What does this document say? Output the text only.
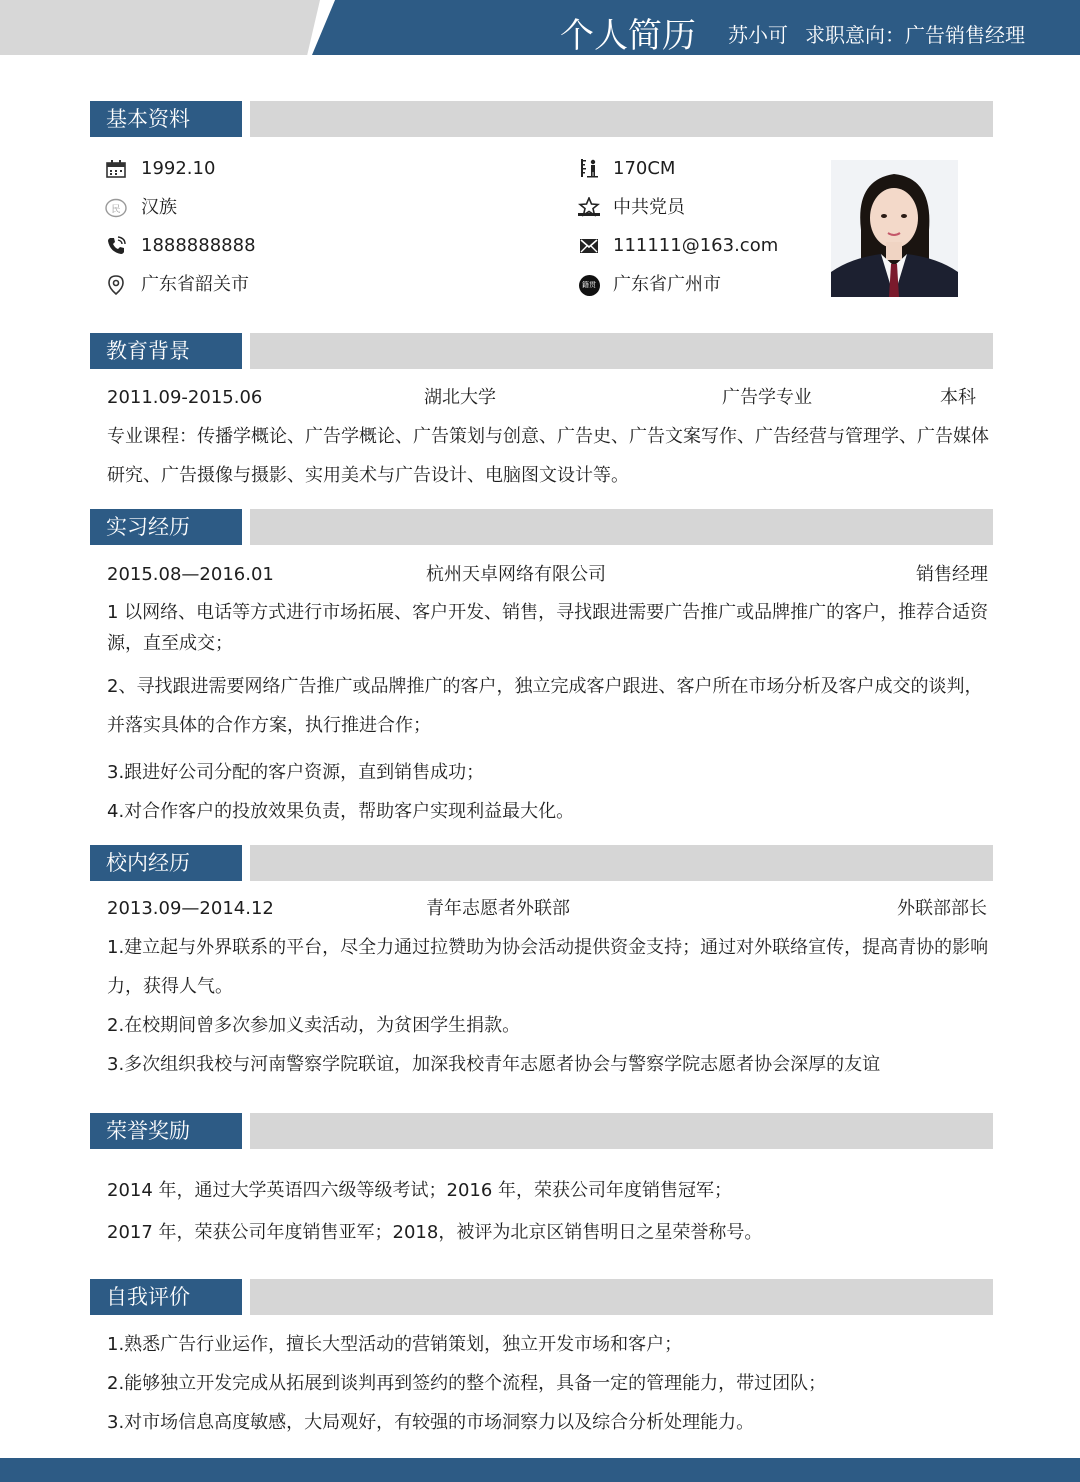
个人简历 苏小可 求职意向：广告销售经理
基本资料
1992.10
民 汉族
1888888888
广东省韶关市
170CM
中共党员
111111@163.com
籍贯 广东省广州市
教育背景
2011.09-2015.06	湖北大学	广告学专业	本科

专业课程：传播学概论、广告学概论、广告策划与创意、广告史、广告文案写作、广告经营与管理学、广告媒体研究、广告摄像与摄影、实用美术与广告设计、电脑图文设计等。

实习经历
2015.08—2016.01	杭州天卓网络有限公司	销售经理

1 以网络、电话等方式进行市场拓展、客户开发、销售，寻找跟进需要广告推广或品牌推广的客户，推荐合适资源，直至成交；

2、寻找跟进需要网络广告推广或品牌推广的客户，独立完成客户跟进、客户所在市场分析及客户成交的谈判，并落实具体的合作方案，执行推进合作；

3.跟进好公司分配的客户资源，直到销售成功；

4.对合作客户的投放效果负责，帮助客户实现利益最大化。

校内经历
2013.09—2014.12	青年志愿者外联部	外联部部长

1.建立起与外界联系的平台，尽全力通过拉赞助为协会活动提供资金支持；通过对外联络宣传，提高青协的影响力，获得人气。

2.在校期间曾多次参加义卖活动，为贫困学生捐款。

3.多次组织我校与河南警察学院联谊，加深我校青年志愿者协会与警察学院志愿者协会深厚的友谊

荣誉奖励

2014 年，通过大学英语四六级等级考试；2016 年，荣获公司年度销售冠军；

2017 年，荣获公司年度销售亚军；2018，被评为北京区销售明日之星荣誉称号。

自我评价

1.熟悉广告行业运作，擅长大型活动的营销策划，独立开发市场和客户；

2.能够独立开发完成从拓展到谈判再到签约的整个流程，具备一定的管理能力，带过团队；

3.对市场信息高度敏感，大局观好，有较强的市场洞察力以及综合分析处理能力。
